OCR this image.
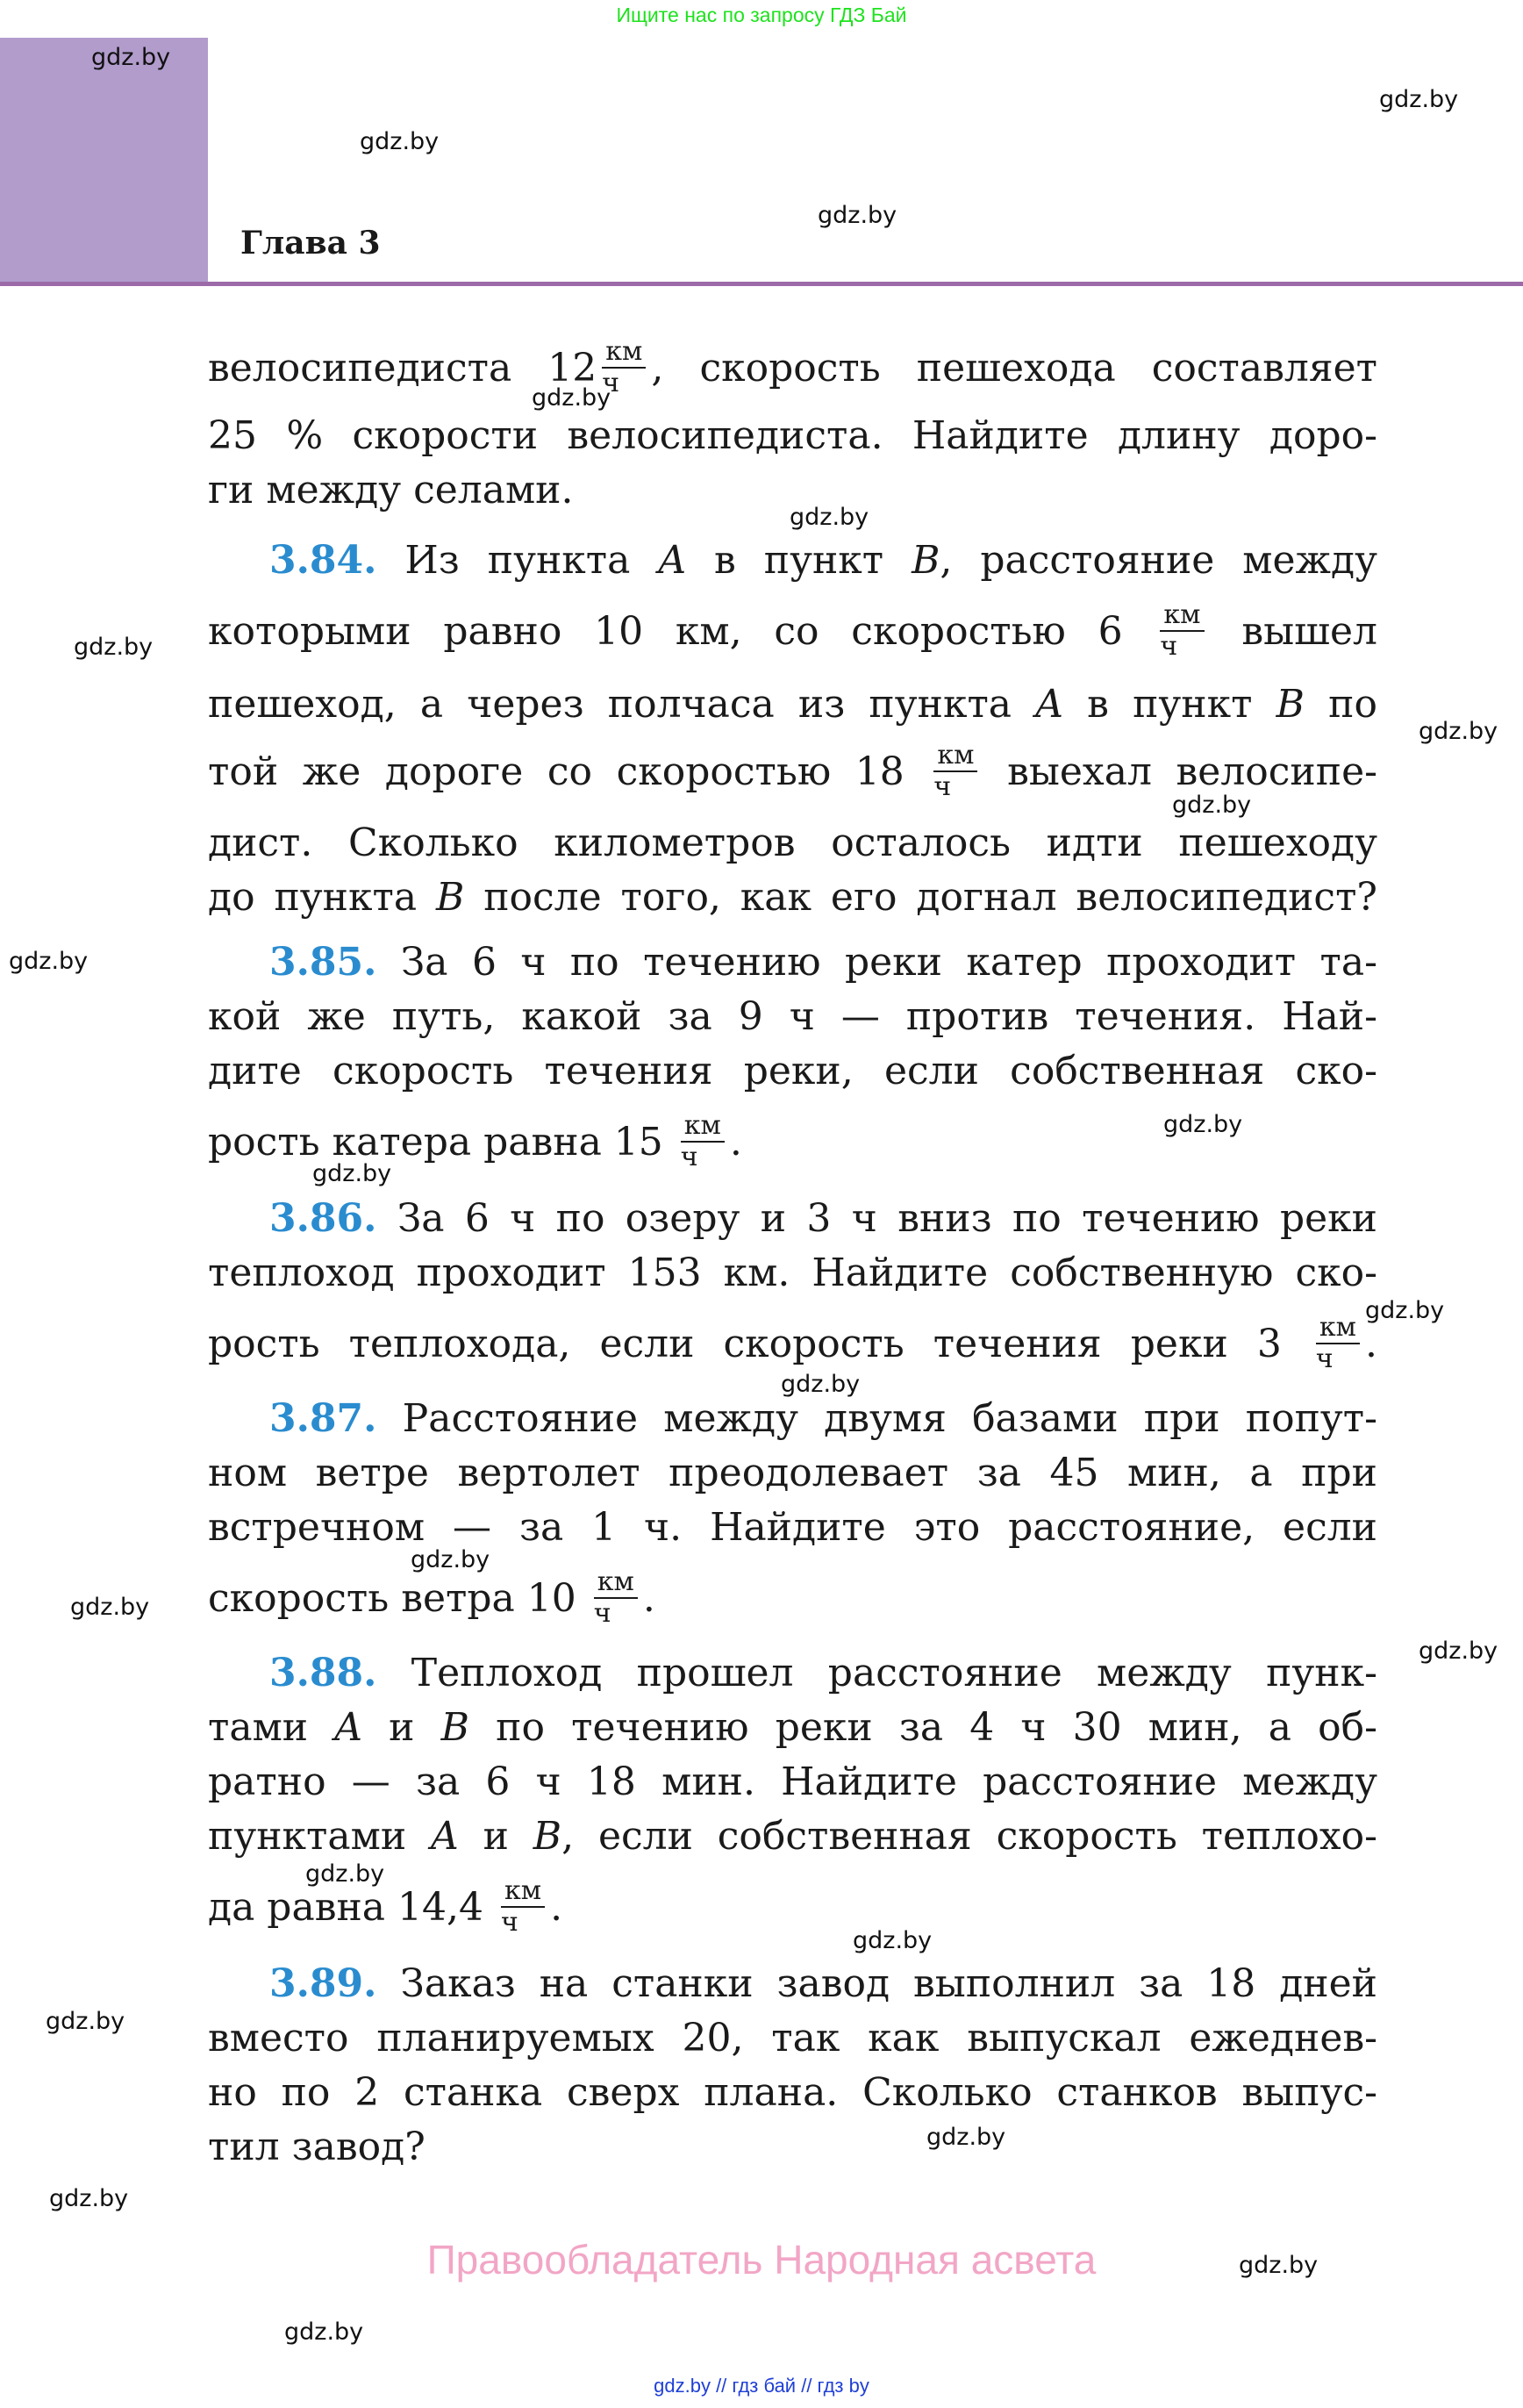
Ищите нас по запросу ГДЗ Бай
168
Глава 3
велосипедиста $12 \frac{км}{ч}$ , скорость пешехода составляет
25 % скорости велосипедиста. Найдите длину доро-
ги между селами.
3.84. Из пункта A в пункт B, расстояние между
которыми равно 10 км, со скоростью $6 \frac{км}{ч}$ вышел
пешеход, а через полчаса из пункта A в пункт B по
той же дороге со скоростью $18 \frac{км}{ч}$ выехал велосипе-
дист. Сколько километров осталось идти пешеходу
до пункта B после того, как его догнал велосипедист?
3.85. За 6 ч по течению реки катер проходит та-
кой же путь, какой за 9 ч — против течения. Най-
дите скорость течения реки, если собственная ско-
рость катера равна $15 \frac{км}{ч}$ .
3.86. За 6 ч по озеру и 3 ч вниз по течению реки
теплоход проходит 153 км. Найдите собственную ско-
рость теплохода, если скорость течения реки $3 \frac{км}{ч}$ .
3.87. Расстояние между двумя базами при попут-
ном ветре вертолет преодолевает за 45 мин, а при
встречном — за 1 ч. Найдите это расстояние, если
скорость ветра $10 \frac{км}{ч}$ .
3.88. Теплоход прошел расстояние между пунк-
тами A и B по течению реки за 4 ч 30 мин, а об-
ратно — за 6 ч 18 мин. Найдите расстояние между
пунктами A и B, если собственная скорость теплохо-
да равна $14,4 \frac{км}{ч}$ .
3.89. Заказ на станки завод выполнил за 18 дней
вместо планируемых 20, так как выпускал ежеднев-
но по 2 станка сверх плана. Сколько станков выпус-
тил завод?
gdz.by
gdz.by
gdz.by
gdz.by
gdz.by
gdz.by
gdz.by
gdz.by
gdz.by
gdz.by
gdz.by
gdz.by
gdz.by
gdz.by
gdz.by
gdz.by
gdz.by
gdz.by
gdz.by
gdz.by
gdz.by
gdz.by
gdz.by
gdz.by
Правообладатель Народная асвета
gdz.by // гдз бай // гдз by
